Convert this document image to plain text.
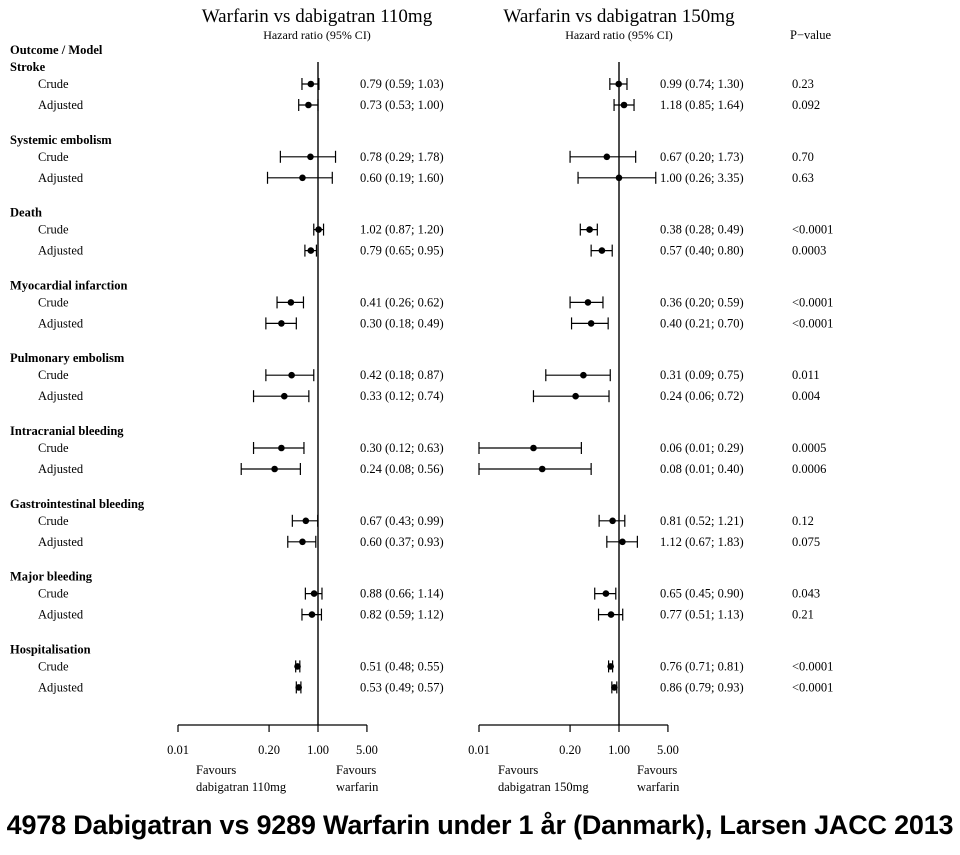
Warfarin vs dabigatran 110mg
Hazard ratio (95% CI)
Warfarin vs dabigatran 150mg
Hazard ratio (95% CI)
Outcome / Model
P−value
Stroke
Crude	0.79 (0.59; 1.03)	0.99 (0.74; 1.30)	0.23
Adjusted	0.73 (0.53; 1.00)	1.18 (0.85; 1.64)	0.092
Systemic embolism
Crude	0.78 (0.29; 1.78)	0.67 (0.20; 1.73)	0.70
Adjusted	0.60 (0.19; 1.60)	1.00 (0.26; 3.35)	0.63
Death
Crude	1.02 (0.87; 1.20)	0.38 (0.28; 0.49)	<0.0001
Adjusted	0.79 (0.65; 0.95)	0.57 (0.40; 0.80)	0.0003
Myocardial infarction
Crude	0.41 (0.26; 0.62)	0.36 (0.20; 0.59)	<0.0001
Adjusted	0.30 (0.18; 0.49)	0.40 (0.21; 0.70)	<0.0001
Pulmonary embolism
Crude	0.42 (0.18; 0.87)	0.31 (0.09; 0.75)	0.011
Adjusted	0.33 (0.12; 0.74)	0.24 (0.06; 0.72)	0.004
Intracranial bleeding
Crude	0.30 (0.12; 0.63)	0.06 (0.01; 0.29)	0.0005
Adjusted	0.24 (0.08; 0.56)	0.08 (0.01; 0.40)	0.0006
Gastrointestinal bleeding
Crude	0.67 (0.43; 0.99)	0.81 (0.52; 1.21)	0.12
Adjusted	0.60 (0.37; 0.93)	1.12 (0.67; 1.83)	0.075
Major bleeding
Crude	0.88 (0.66; 1.14)	0.65 (0.45; 0.90)	0.043
Adjusted	0.82 (0.59; 1.12)	0.77 (0.51; 1.13)	0.21
Hospitalisation
Crude	0.51 (0.48; 0.55)	0.76 (0.71; 0.81)	<0.0001
Adjusted	0.53 (0.49; 0.57)	0.86 (0.79; 0.93)	<0.0001
0.01	0.20 1.00 5.00
Favours
dabigatran 110mg
Favours
warfarin
0.01	0.20 1.00 5.00
Favours
dabigatran 150mg
Favours
warfarin
4978 Dabigatran vs 9289 Warfarin under 1 år (Danmark), Larsen JACC 2013
